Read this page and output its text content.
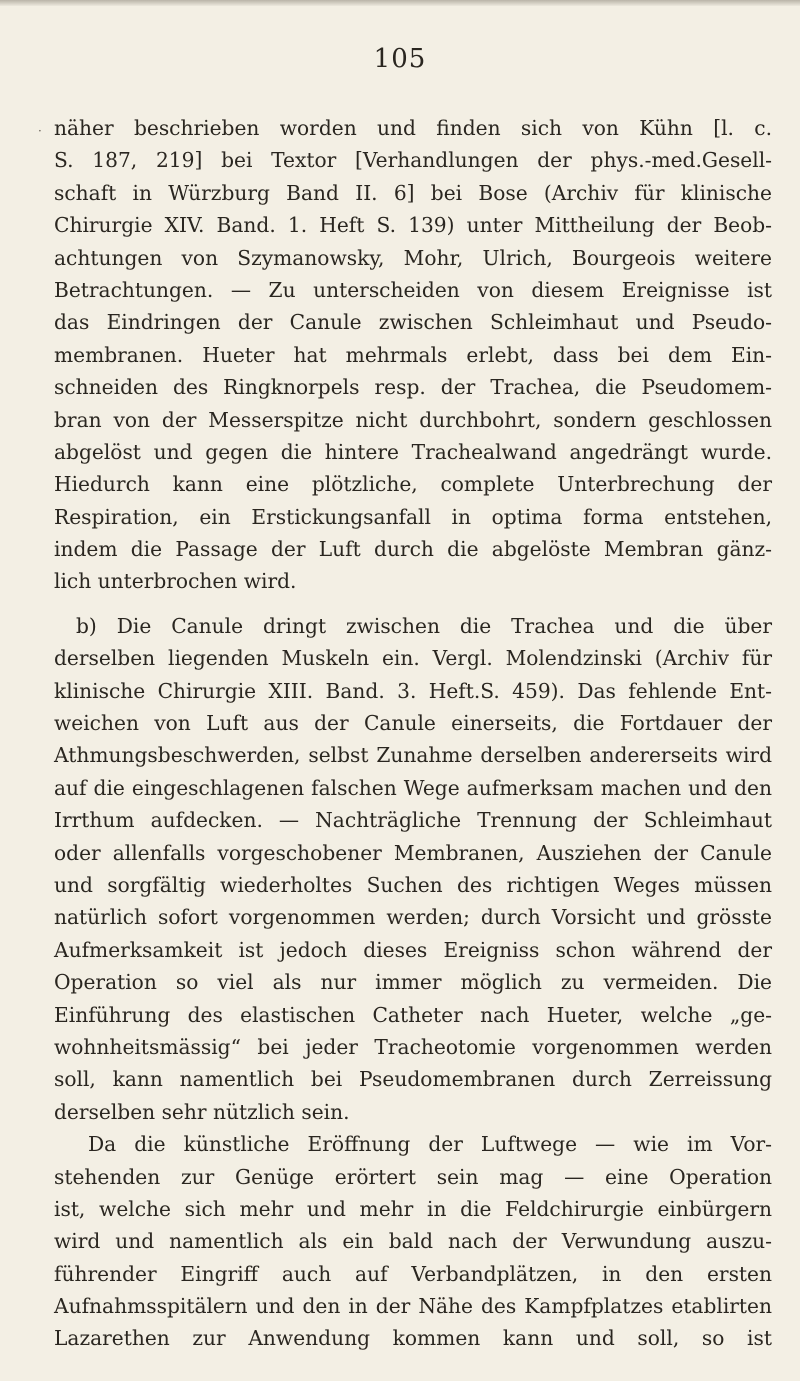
·
105
näher beschrieben worden und finden sich von Kühn [l. c.
S. 187, 219] bei Textor [Verhandlungen der phys.-med.Gesell-
schaft in Würzburg Band II. 6] bei Bose (Archiv für klinische
Chirurgie XIV. Band. 1. Heft S. 139) unter Mittheilung der Beob-
achtungen von Szymanowsky, Mohr, Ulrich, Bourgeois weitere
Betrachtungen. — Zu unterscheiden von diesem Ereignisse ist
das Eindringen der Canule zwischen Schleimhaut und Pseudo-
membranen. Hueter hat mehrmals erlebt, dass bei dem Ein-
schneiden des Ringknorpels resp. der Trachea, die Pseudomem-
bran von der Messerspitze nicht durchbohrt, sondern geschlossen
abgelöst und gegen die hintere Trachealwand angedrängt wurde.
Hiedurch kann eine plötzliche, complete Unterbrechung der
Respiration, ein Erstickungsanfall in optima forma entstehen,
indem die Passage der Luft durch die abgelöste Membran gänz-
lich unterbrochen wird.
b) Die Canule dringt zwischen die Trachea und die über
derselben liegenden Muskeln ein. Vergl. Molendzinski (Archiv für
klinische Chirurgie XIII. Band. 3. Heft.S. 459). Das fehlende Ent-
weichen von Luft aus der Canule einerseits, die Fortdauer der
Athmungsbeschwerden, selbst Zunahme derselben andererseits wird
auf die eingeschlagenen falschen Wege aufmerksam machen und den
Irrthum aufdecken. — Nachträgliche Trennung der Schleimhaut
oder allenfalls vorgeschobener Membranen, Ausziehen der Canule
und sorgfältig wiederholtes Suchen des richtigen Weges müssen
natürlich sofort vorgenommen werden; durch Vorsicht und grösste
Aufmerksamkeit ist jedoch dieses Ereigniss schon während der
Operation so viel als nur immer möglich zu vermeiden. Die
Einführung des elastischen Catheter nach Hueter, welche „ge-
wohnheitsmässig“ bei jeder Tracheotomie vorgenommen werden
soll, kann namentlich bei Pseudomembranen durch Zerreissung
derselben sehr nützlich sein.
Da die künstliche Eröffnung der Luftwege — wie im Vor-
stehenden zur Genüge erörtert sein mag — eine Operation
ist, welche sich mehr und mehr in die Feldchirurgie einbürgern
wird und namentlich als ein bald nach der Verwundung auszu-
führender Eingriff auch auf Verbandplätzen, in den ersten
Aufnahmsspitälern und den in der Nähe des Kampfplatzes etablirten
Lazarethen zur Anwendung kommen kann und soll, so ist
